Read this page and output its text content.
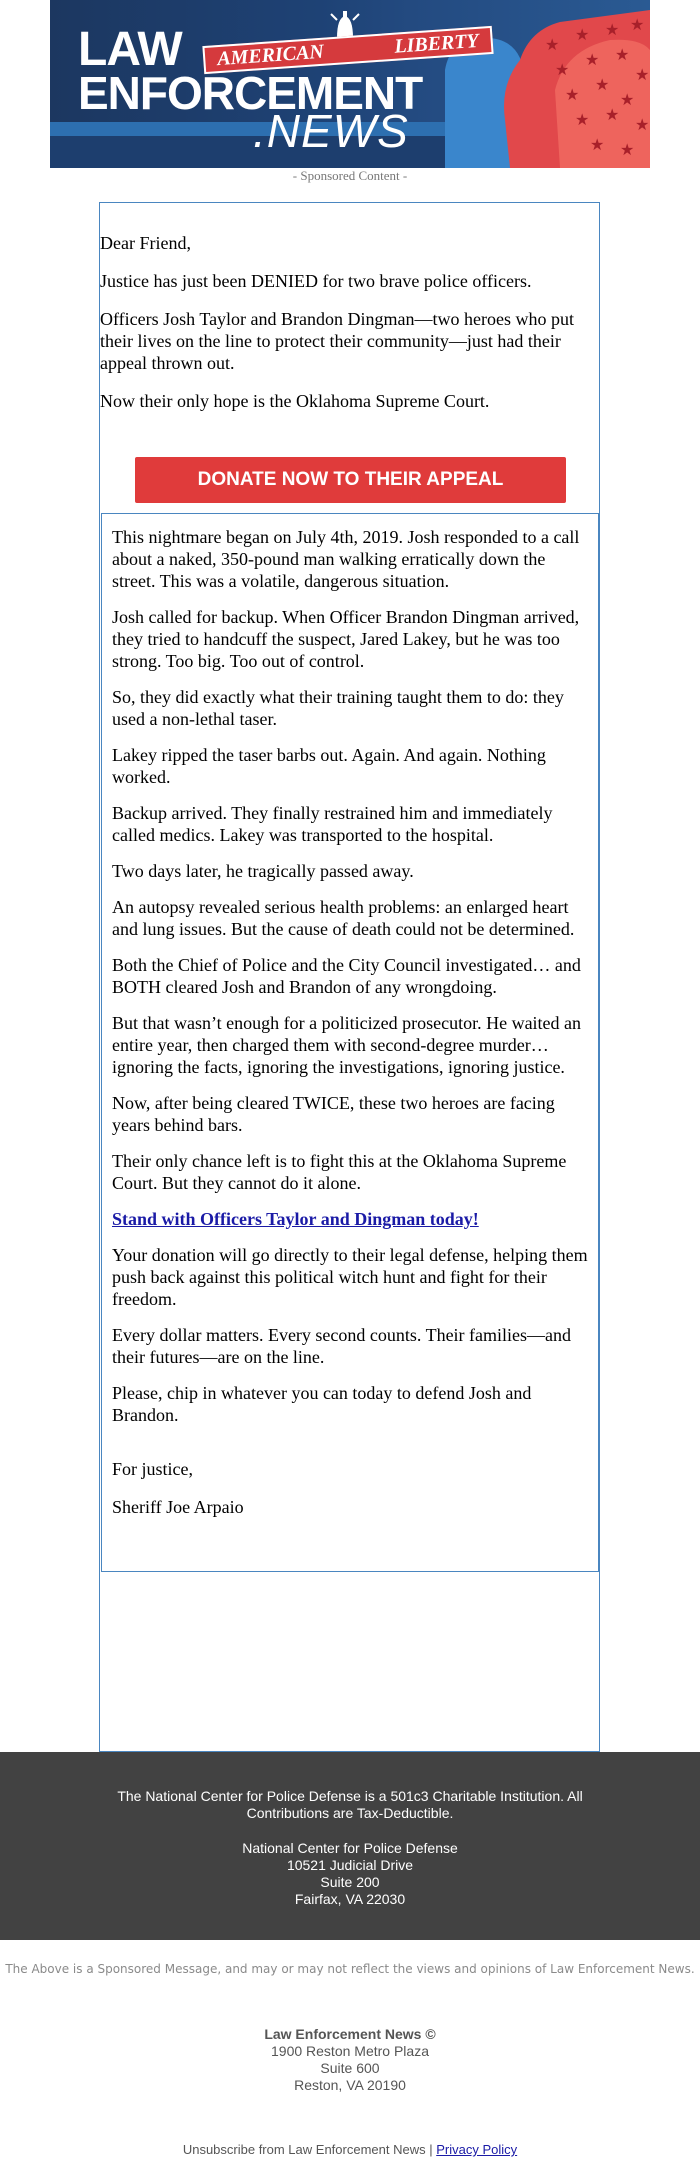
★
★ ★ ★
★
★ ★
★
★
★
★
★ ★
★
★ ★
AMERICAN	LIBERTY
LAW
ENFORCEMENT
.NEWS
- Sponsored Content -

Dear Friend,

Justice has just been DENIED for two brave police officers.

Officers Josh Taylor and Brandon Dingman—two heroes who put their lives on the line to protect their community—just had their appeal thrown out.

Now their only hope is the Oklahoma Supreme Court.

DONATE NOW TO THEIR APPEAL

This nightmare began on July 4th, 2019. Josh responded to a call about a naked, 350-pound man walking erratically down the street. This was a volatile, dangerous situation.

Josh called for backup. When Officer Brandon Dingman arrived, they tried to handcuff the suspect, Jared Lakey, but he was too strong. Too big. Too out of control.

So, they did exactly what their training taught them to do: they used a non-lethal taser.

Lakey ripped the taser barbs out. Again. And again. Nothing worked.

Backup arrived. They finally restrained him and immediately called medics. Lakey was transported to the hospital.

Two days later, he tragically passed away.

An autopsy revealed serious health problems: an enlarged heart and lung issues. But the cause of death could not be determined.

Both the Chief of Police and the City Council investigated… and BOTH cleared Josh and Brandon of any wrongdoing.

But that wasn’t enough for a politicized prosecutor. He waited an entire year, then charged them with second-degree murder… ignoring the facts, ignoring the investigations, ignoring justice.

Now, after being cleared TWICE, these two heroes are facing years behind bars.

Their only chance left is to fight this at the Oklahoma Supreme Court. But they cannot do it alone.

Stand with Officers Taylor and Dingman today!

Your donation will go directly to their legal defense, helping them push back against this political witch hunt and fight for their freedom.

Every dollar matters. Every second counts. Their families—and their futures—are on the line.

Please, chip in whatever you can today to defend Josh and Brandon.

For justice,

Sheriff Joe Arpaio

The National Center for Police Defense is a 501c3 Charitable Institution. All Contributions are Tax-Deductible.
National Center for Police Defense
10521 Judicial Drive
Suite 200
Fairfax, VA 22030
The Above is a Sponsored Message, and may or may not reflect the views and opinions of Law Enforcement News.
Law Enforcement News ©
1900 Reston Metro Plaza
Suite 600
Reston, VA 20190
Unsubscribe from Law Enforcement News | Privacy Policy
